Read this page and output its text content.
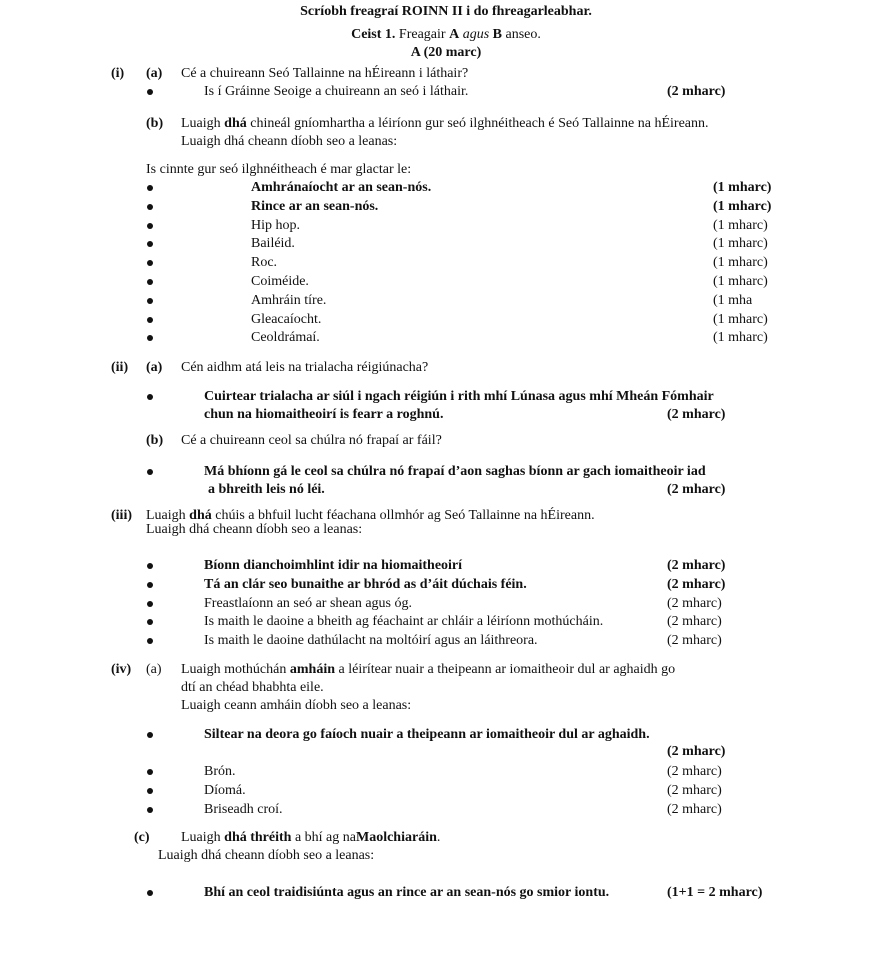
Scríobh freagraí ROINN II i do fhreagarleabhar.
Ceist 1. Freagair A agus B anseo.
A (20 marc)
(i) (a) Cé a chuireann Seó Tallainne na hÉireann i láthair?
Is í Gráinne Seoige a chuireann an seó i láthair.	(2 mharc)
(b) Luaigh dhá chineál gníomhartha a léiríonn gur seó ilghnéitheach é Seó Tallainne na hÉireann.
Luaigh dhá cheann díobh seo a leanas:
Is cinnte gur seó ilghnéitheach é mar glactar le:
Amhránaíocht ar an sean-nós.	(1 mharc)
Rince ar an sean-nós.	(1 mharc)
Hip hop.	(1 mharc)
Bailéid.	(1 mharc)
Roc.	(1 mharc)
Coiméide.	(1 mharc)
Amhráin tíre.	(1 mha
Gleacaíocht.	(1 mharc)
Ceoldrámaí.	(1 mharc)
(ii) (a) Cén aidhm atá leis na trialacha réigiúnacha?
Cuirtear trialacha ar siúl i ngach réigiún i rith mhí Lúnasa agus mhí Mheán Fómhair
chun na hiomaitheoirí is fearr a roghnú.	(2 mharc)
(b) Cé a chuireann ceol sa chúlra nó frapaí ar fáil?
Má bhíonn gá le ceol sa chúlra nó frapaí d’aon saghas bíonn ar gach iomaitheoir iad
a bhreith leis nó léi.	(2 mharc)
(iii) Luaigh dhá chúis a bhfuil lucht féachana ollmhór ag Seó Tallainne na hÉireann.
Luaigh dhá cheann díobh seo a leanas:
Bíonn dianchoimhlint idir na hiomaitheoirí	(2 mharc)
Tá an clár seo bunaithe ar bhród as d’áit dúchais féin.	(2 mharc)
Freastlaíonn an seó ar shean agus óg.	(2 mharc)
Is maith le daoine a bheith ag féachaint ar chláir a léiríonn mothúcháin.	(2 mharc)
Is maith le daoine dathúlacht na moltóirí agus an láithreora.	(2 mharc)
(iv) (a) Luaigh mothúchán amháin a léirítear nuair a theipeann ar iomaitheoir dul ar aghaidh go
dtí an chéad bhabhta eile.
Luaigh ceann amháin díobh seo a leanas:
Siltear na deora go faíoch nuair a theipeann ar iomaitheoir dul ar aghaidh.
(2 mharc)
Brón.	(2 mharc)
Díomá.	(2 mharc)
Briseadh croí.	(2 mharc)
(c) Luaigh dhá thréith a bhí ag naMaolchiaráin.
Luaigh dhá cheann díobh seo a leanas:
Bhí an ceol traidisiúnta agus an rince ar an sean-nós go smior iontu.	(1+1 = 2 mharc)
